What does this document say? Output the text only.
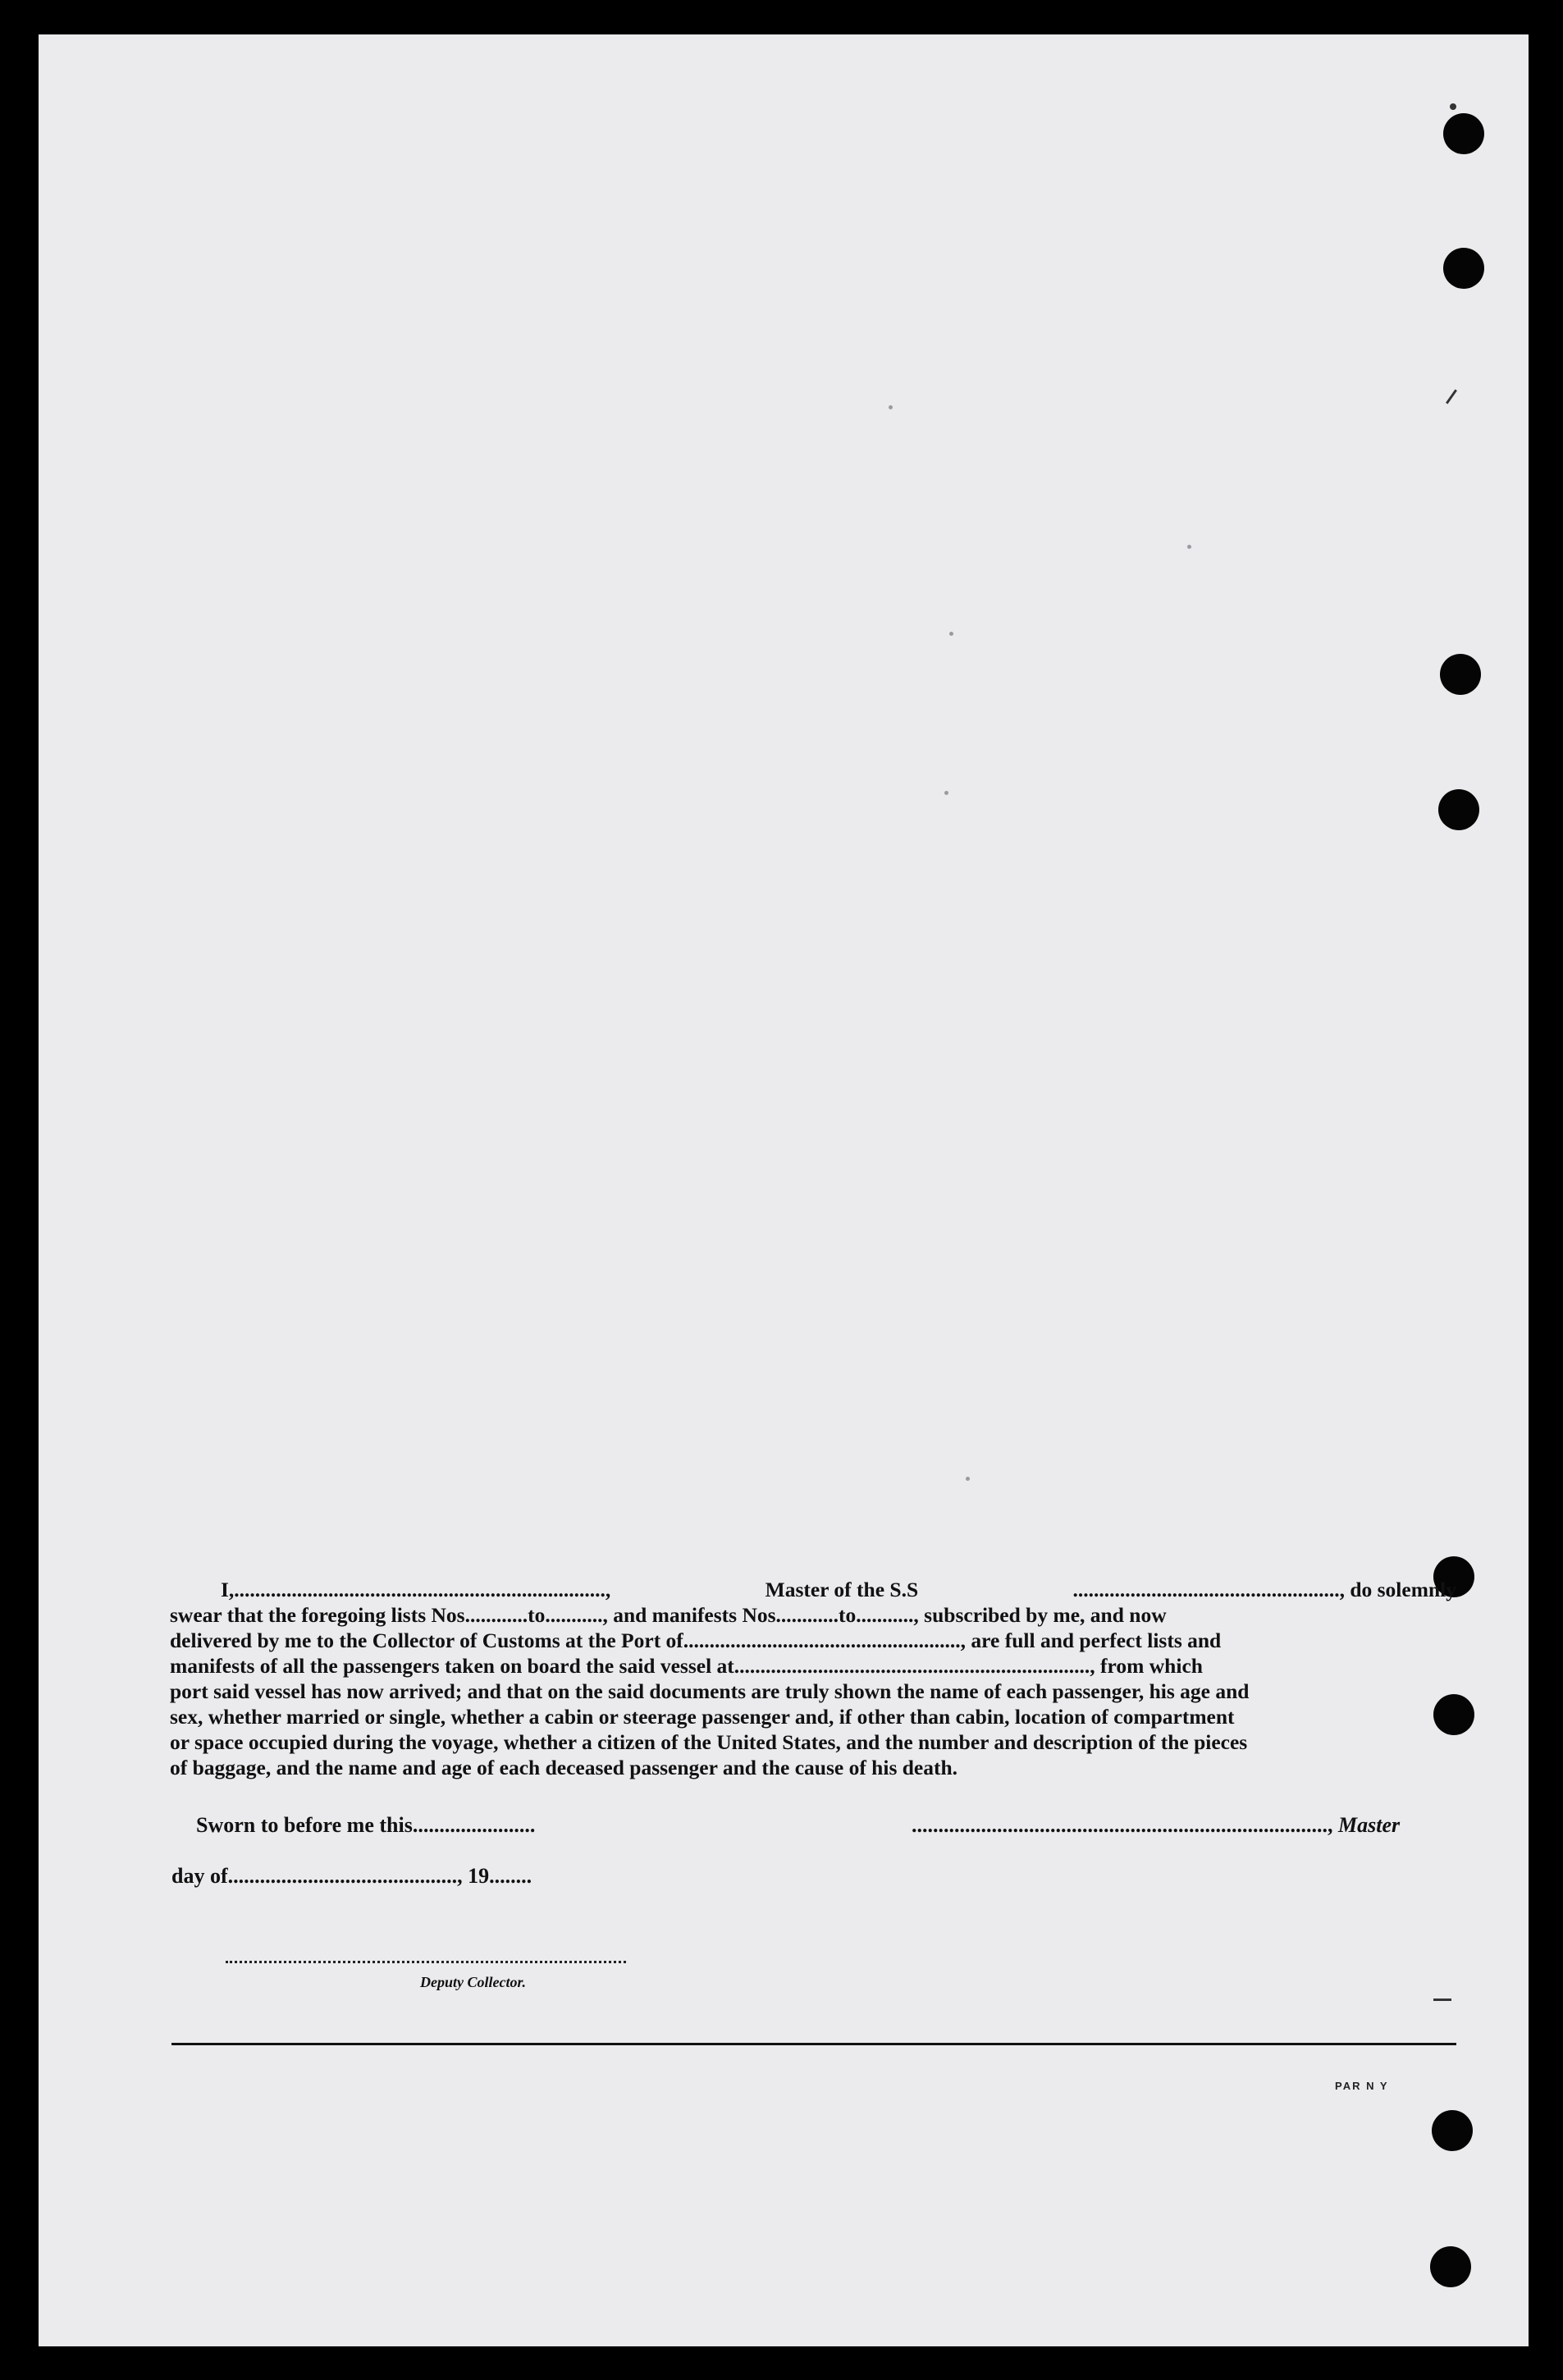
I,.......................................................................,	Master of the S.S	..................................................., do solemnly
swear that the foregoing lists Nos............to..........., and manifests Nos............to..........., subscribed by me, and now
delivered by me to the Collector of Customs at the Port of....................................................., are full and perfect lists and
manifests of all the passengers taken on board the said vessel at...................................................................., from which
port said vessel has now arrived; and that on the said documents are truly shown the name of each passenger, his age and
sex, whether married or single, whether a cabin or steerage passenger and, if other than cabin, location of compartment
or space occupied during the voyage, whether a citizen of the United States, and the number and description of the pieces
of baggage, and the name and age of each deceased passenger and the cause of his death.
Sworn to before me this.......................	.............................................................................., Master
day of..........................................., 19........
Deputy Collector.
PAR N Y
